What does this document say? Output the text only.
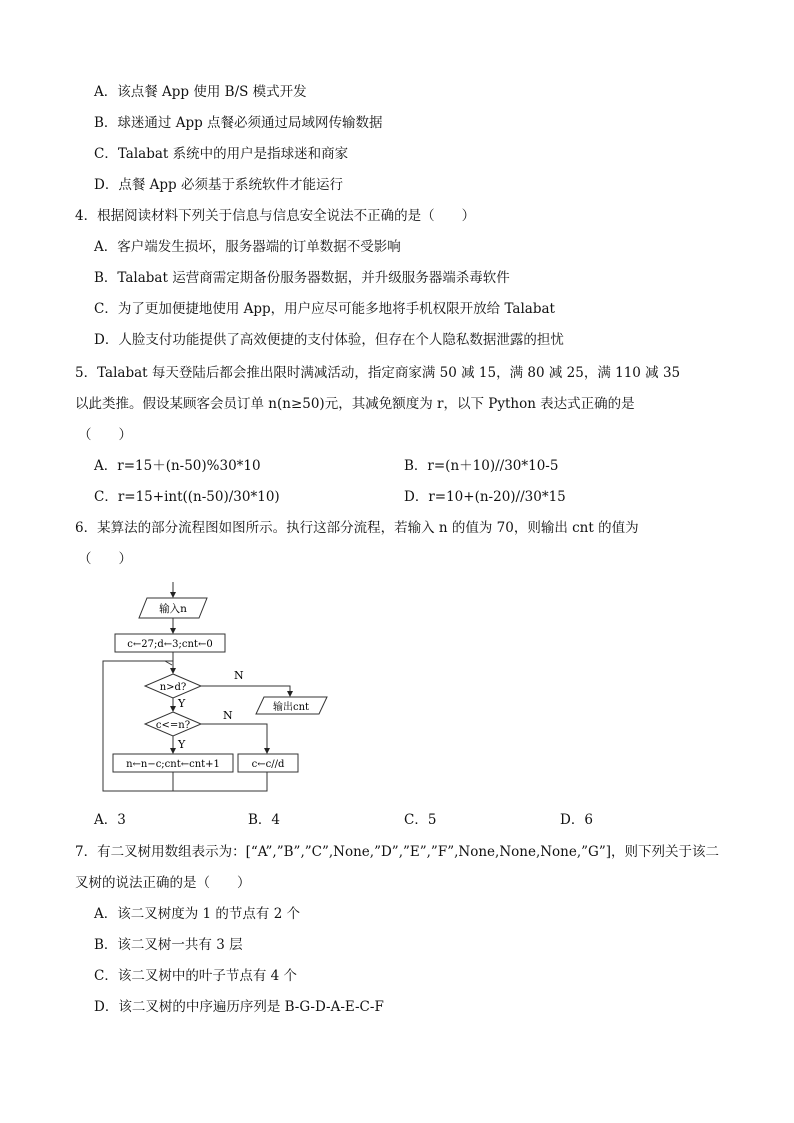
A．该点餐 App 使用 B/S 模式开发
B．球迷通过 App 点餐必须通过局域网传输数据
C．Talabat 系统中的用户是指球迷和商家
D．点餐 App 必须基于系统软件才能运行
4．根据阅读材料下列关于信息与信息安全说法不正确的是（　　）
A．客户端发生损坏，服务器端的订单数据不受影响
B．Talabat 运营商需定期备份服务器数据，并升级服务器端杀毒软件
C．为了更加便捷地使用 App，用户应尽可能多地将手机权限开放给 Talabat
D．人脸支付功能提供了高效便捷的支付体验，但存在个人隐私数据泄露的担忧
5．Talabat 每天登陆后都会推出限时满减活动，指定商家满 50 减 15，满 80 减 25，满 110 减 35
以此类推。假设某顾客会员订单 n(n≥50)元，其减免额度为 r，以下 Python 表达式正确的是
（　　）
A．r=15＋(n-50)%30*10	B．r=(n＋10)//30*10-5
C．r=15+int((n-50)/30*10)	D．r=10+(n-20)//30*15
6．某算法的部分流程图如图所示。执行这部分流程，若输入 n 的值为 70，则输出 cnt 的值为
（　　）
输入n
c←27;d←3;cnt←0
n>d?
输出cnt
c<=n?
n←n−c;cnt←cnt+1	c←c//d
N
Y
N
Y
A．3	B．4	C．5	D．6
7．有二叉树用数组表示为：[“A”,”B”,”C”,None,”D”,”E”,”F”,None,None,None,”G”]，则下列关于该二
叉树的说法正确的是（　　）
A．该二叉树度为 1 的节点有 2 个
B．该二叉树一共有 3 层
C．该二叉树中的叶子节点有 4 个
D．该二叉树的中序遍历序列是 B-G-D-A-E-C-F
